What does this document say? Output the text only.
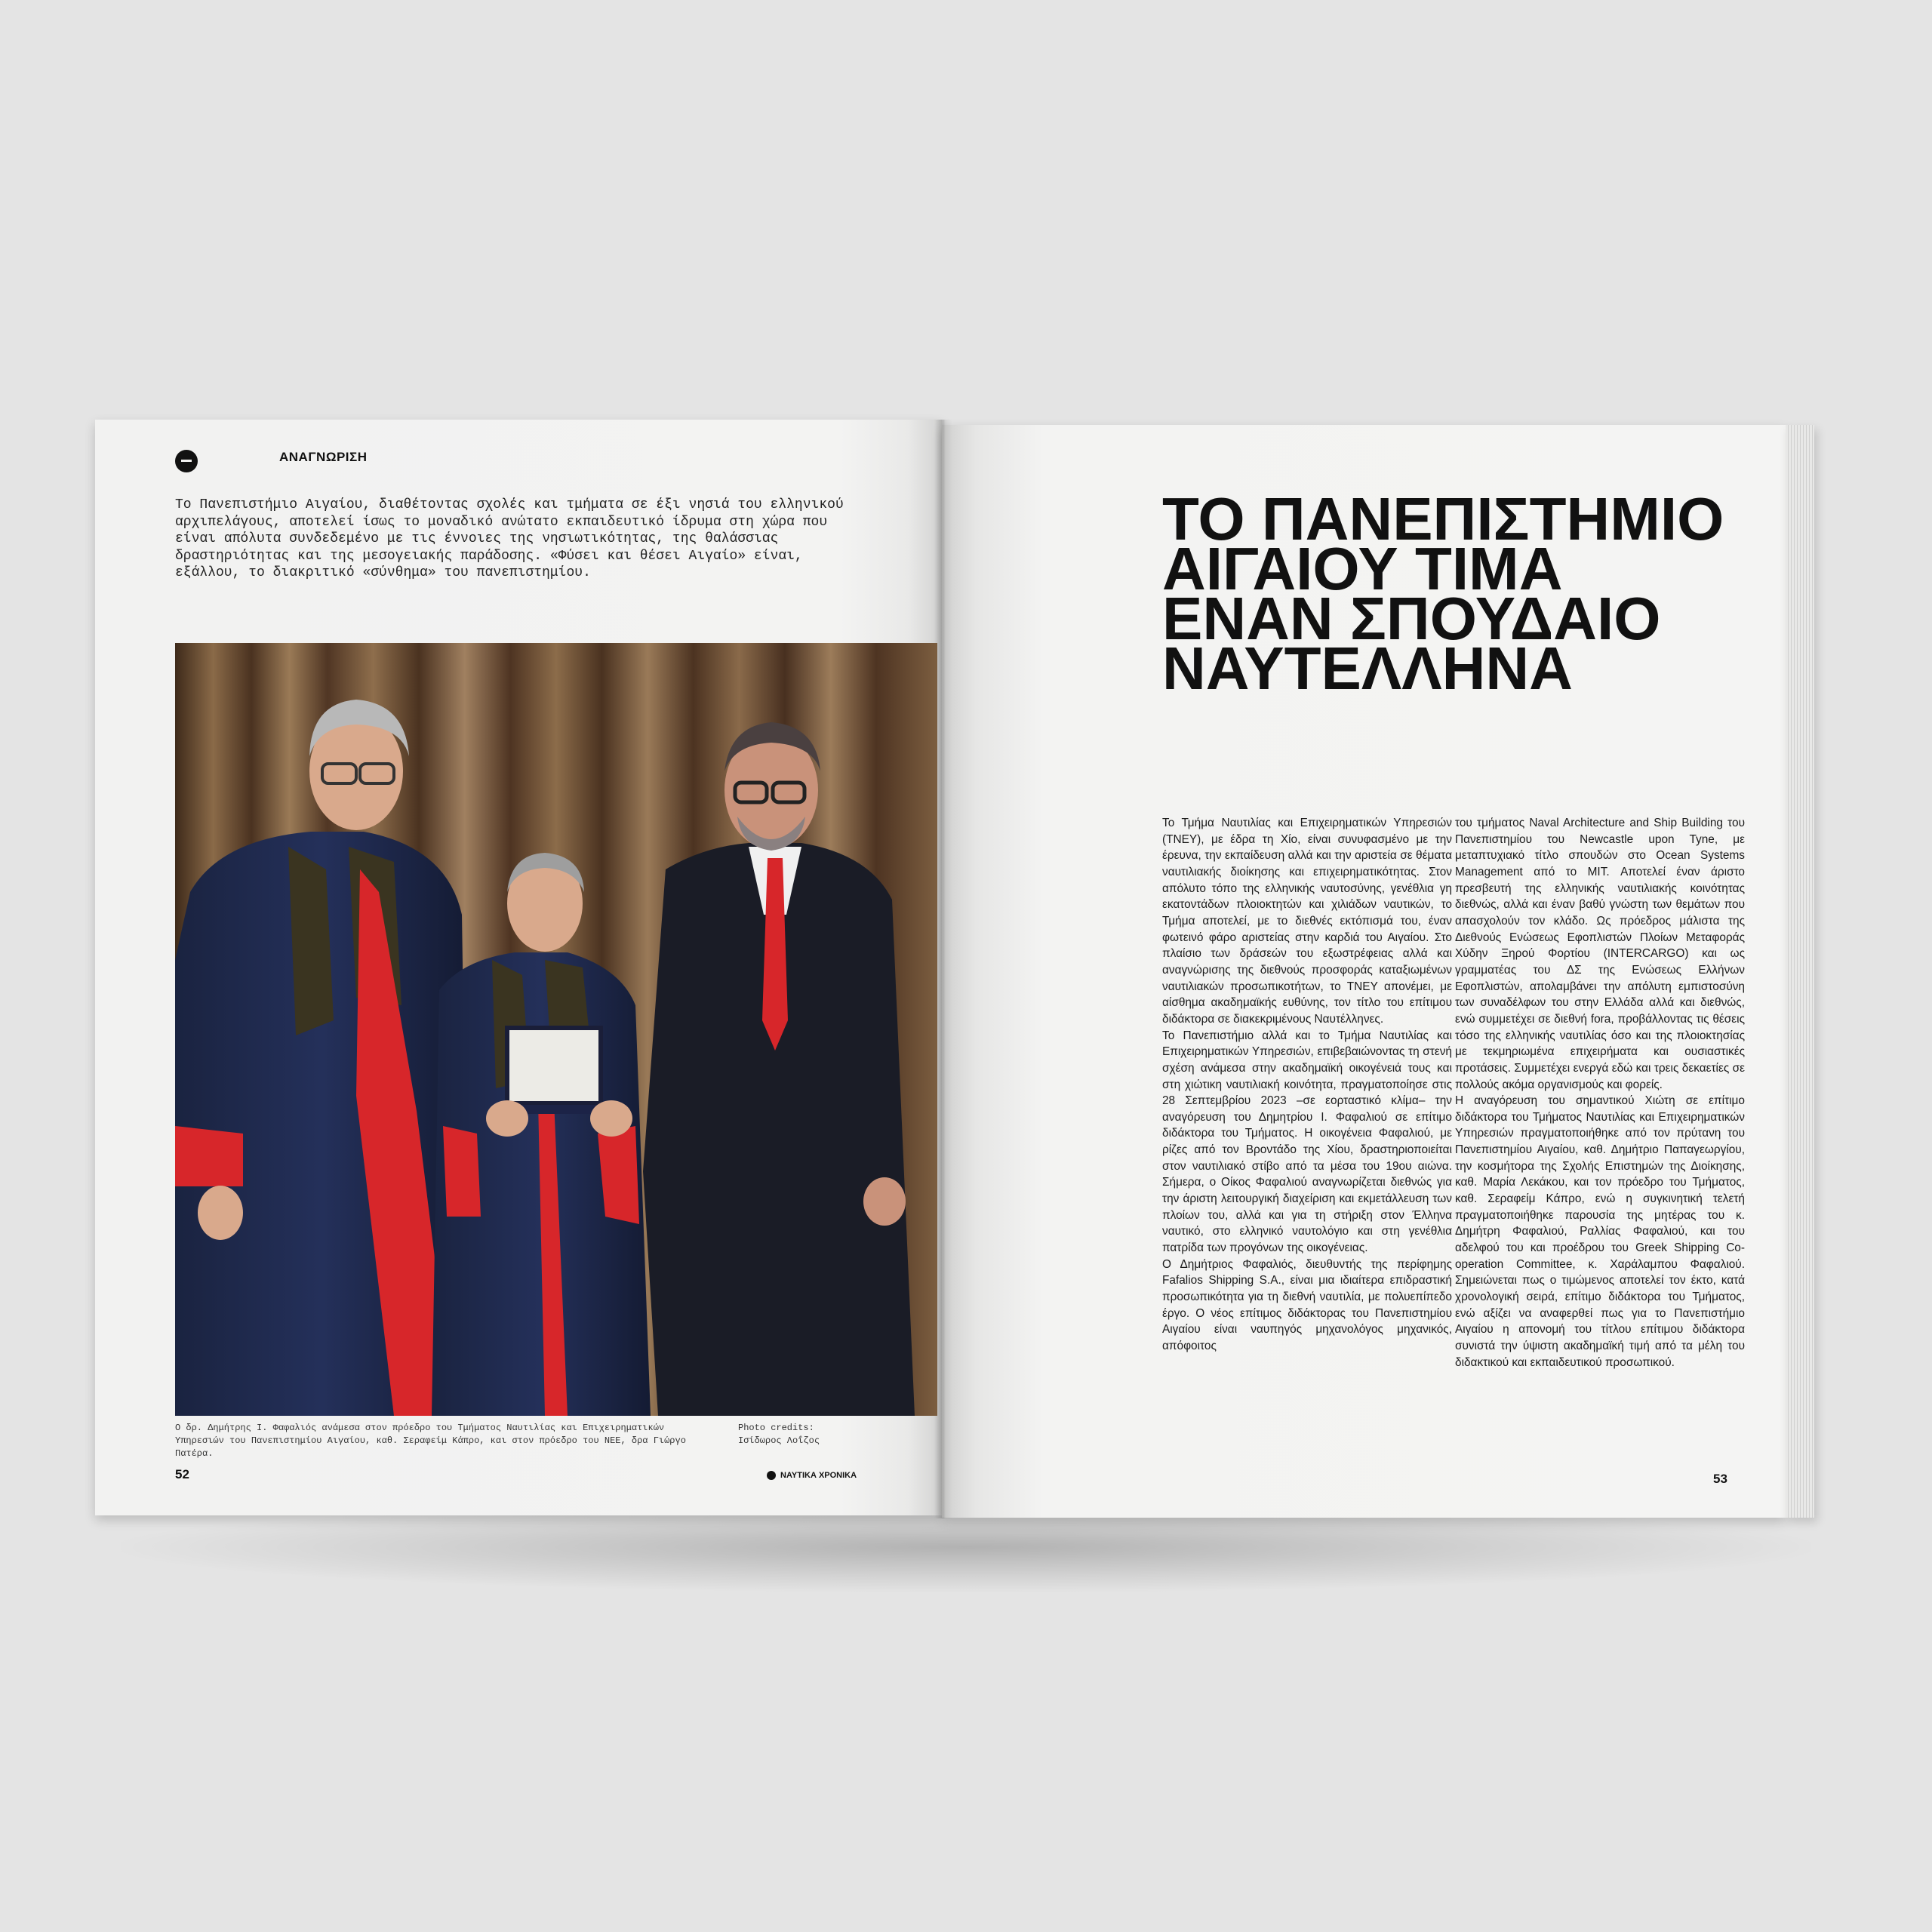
ΑΝΑΓΝΩΡΙΣΗ
Το Πανεπιστήμιο Αιγαίου, διαθέτοντας σχολές και τμήματα σε έξι νησιά του ελληνικού αρχιπελάγους, αποτελεί ίσως το μοναδικό ανώτατο εκπαιδευτικό ίδρυμα στη χώρα που είναι απόλυτα συνδεδεμένο με τις έννοιες της νησιωτικότητας, της θαλάσσιας δραστηριότητας και της μεσογειακής παράδοσης. «Φύσει και θέσει Αιγαίο» είναι, εξάλλου, το διακριτικό «σύνθημα» του πανεπιστημίου.
Ο δρ. Δημήτρης Ι. Φαφαλιός ανάμεσα στον πρόεδρο του Τμήματος Ναυτιλίας και Επιχειρηματικών Υπηρεσιών του Πανεπιστημίου Αιγαίου, καθ. Σεραφείμ Κάπρο, και στον πρόεδρο του ΝΕΕ, δρα Γιώργο Πατέρα.
Photo credits:
Ισίδωρος Λοΐζος
52	ΝΑΥΤΙΚΑ ΧΡΟΝΙΚΑ
ΤΟ ΠΑΝΕΠΙΣΤΗΜΙΟ
ΑΙΓΑΙΟΥ ΤΙΜΑ
ΕΝΑΝ ΣΠΟΥΔΑΙΟ
ΝΑΥΤΕΛΛΗΝΑ

Το Τμήμα Ναυτιλίας και Επιχειρηματικών Υπηρεσιών (ΤΝΕΥ), με έδρα τη Χίο, είναι συνυφασμένο με την έρευνα, την εκπαίδευση αλλά και την αριστεία σε θέματα ναυτιλιακής διοίκησης και επιχειρηματικότητας. Στον απόλυτο τόπο της ελληνικής ναυτοσύνης, γενέθλια γη εκατοντάδων πλοιοκτητών και χιλιάδων ναυτικών, το Τμήμα αποτελεί, με το διεθνές εκτόπισμά του, έναν φωτεινό φάρο αριστείας στην καρδιά του Αιγαίου. Στο πλαίσιο των δράσεών του εξωστρέφειας αλλά και αναγνώρισης της διεθνούς προσφοράς καταξιωμένων ναυτιλιακών προσωπικοτήτων, το ΤΝΕΥ απονέμει, με αίσθημα ακαδημαϊκής ευθύνης, τον τίτλο του επίτιμου διδάκτορα σε διακεκριμένους Ναυτέλληνες.

Το Πανεπιστήμιο αλλά και το Τμήμα Ναυτιλίας και Επιχειρηματικών Υπηρεσιών, επιβεβαιώνοντας τη στενή σχέση ανάμεσα στην ακαδημαϊκή οικογένειά τους και στη χιώτικη ναυτιλιακή κοινότητα, πραγματοποίησε στις 28 Σεπτεμβρίου 2023 –σε εορταστικό κλίμα– την αναγόρευση του Δημητρίου Ι. Φαφαλιού σε επίτιμο διδάκτορα του Τμήματος. Η οικογένεια Φαφαλιού, με ρίζες από τον Βροντάδο της Χίου, δραστηριοποιείται στον ναυτιλιακό στίβο από τα μέσα του 19ου αιώνα. Σήμερα, ο Οίκος Φαφαλιού αναγνωρίζεται διεθνώς για την άριστη λειτουργική διαχείριση και εκμετάλλευση των πλοίων του, αλλά και για τη στήριξη στον Έλληνα ναυτικό, στο ελληνικό ναυτολόγιο και στη γενέθλια πατρίδα των προγόνων της οικογένειας.

Ο Δημήτριος Φαφαλιός, διευθυντής της περίφημης Fafalios Shipping S.A., είναι μια ιδιαίτερα επιδραστική προσωπικότητα για τη διεθνή ναυτιλία, με πολυεπίπεδο έργο. Ο νέος επίτιμος διδάκτορας του Πανεπιστημίου Αιγαίου είναι ναυπηγός μηχανολόγος μηχανικός, απόφοιτος

του τμήματος Naval Architecture and Ship Building του Πανεπιστημίου του Newcastle upon Tyne, με μεταπτυχιακό τίτλο σπουδών στο Ocean Systems Management από το MIT. Αποτελεί έναν άριστο πρεσβευτή της ελληνικής ναυτιλιακής κοινότητας διεθνώς, αλλά και έναν βαθύ γνώστη των θεμάτων που απασχολούν τον κλάδο. Ως πρόεδρος μάλιστα της Διεθνούς Ενώσεως Εφοπλιστών Πλοίων Μεταφοράς Χύδην Ξηρού Φορτίου (INTERCARGO) και ως γραμματέας του ΔΣ της Ενώσεως Ελλήνων Εφοπλιστών, απολαμβάνει την απόλυτη εμπιστοσύνη των συναδέλφων του στην Ελλάδα αλλά και διεθνώς, ενώ συμμετέχει σε διεθνή fora, προβάλλοντας τις θέσεις τόσο της ελληνικής ναυτιλίας όσο και της πλοιοκτησίας με τεκμηριωμένα επιχειρήματα και ουσιαστικές προτάσεις. Συμμετέχει ενεργά εδώ και τρεις δεκαετίες σε πολλούς ακόμα οργανισμούς και φορείς.

Η αναγόρευση του σημαντικού Χιώτη σε επίτιμο διδάκτορα του Τμήματος Ναυτιλίας και Επιχειρηματικών Υπηρεσιών πραγματοποιήθηκε από τον πρύτανη του Πανεπιστημίου Αιγαίου, καθ. Δημήτριο Παπαγεωργίου, την κοσμήτορα της Σχολής Επιστημών της Διοίκησης, καθ. Μαρία Λεκάκου, και τον πρόεδρο του Τμήματος, καθ. Σεραφείμ Κάπρο, ενώ η συγκινητική τελετή πραγματοποιήθηκε παρουσία της μητέρας του κ. Δημήτρη Φαφαλιού, Ραλλίας Φαφαλιού, και του αδελφού του και προέδρου του Greek Shipping Co-operation Committee, κ. Χαράλαμπου Φαφαλιού. Σημειώνεται πως ο τιμώμενος αποτελεί τον έκτο, κατά χρονολογική σειρά, επίτιμο διδάκτορα του Τμήματος, ενώ αξίζει να αναφερθεί πως για το Πανεπιστήμιο Αιγαίου η απονομή του τίτλου επίτιμου διδάκτορα συνιστά την ύψιστη ακαδημαϊκή τιμή από τα μέλη του διδακτικού και εκπαιδευτικού προσωπικού.

53
